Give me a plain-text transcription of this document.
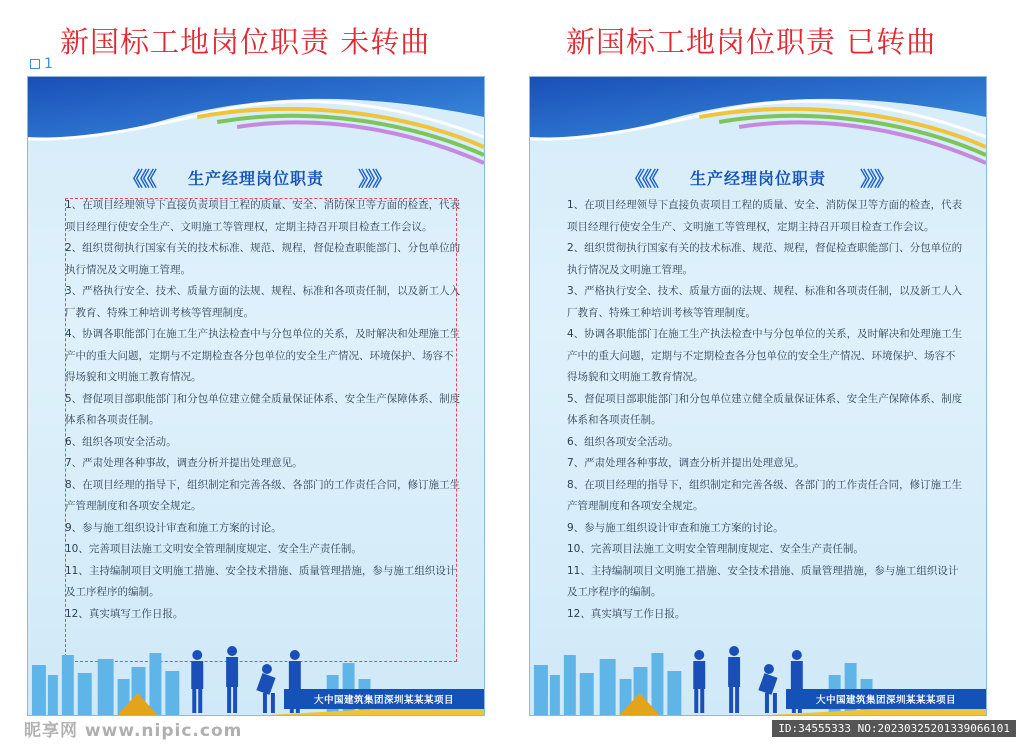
新国标工地岗位职责 未转曲	新国标工地岗位职责 已转曲
1
《《《 生产经理岗位职责 》》》

1、在项目经理领导下直接负责项目工程的质量、安全、消防保卫等方面的检查，代表项目经理行使安全生产、文明施工等管理权，定期主持召开项目检查工作会议。

2、组织贯彻执行国家有关的技术标准、规范、规程，督促检查职能部门、分包单位的执行情况及文明施工管理。

3、严格执行安全、技术、质量方面的法规、规程、标准和各项责任制，以及新工人入厂教育、特殊工种培训考核等管理制度。

4、协调各职能部门在施工生产执法检查中与分包单位的关系，及时解决和处理施工生产中的重大问题，定期与不定期检查各分包单位的安全生产情况、环境保护、场容不得场貌和文明施工教育情况。

5、督促项目部职能部门和分包单位建立健全质量保证体系、安全生产保障体系、制度体系和各项责任制。

6、组织各项安全活动。

7、严肃处理各种事故，调查分析并提出处理意见。

8、在项目经理的指导下，组织制定和完善各级、各部门的工作责任合同，修订施工生产管理制度和各项安全规定。

9、参与施工组织设计审查和施工方案的讨论。

10、完善项目法施工文明安全管理制度规定、安全生产责任制。

11、主持编制项目文明施工措施、安全技术措施、质量管理措施，参与施工组织设计及工序程序的编制。

12、真实填写工作日报。

大中国建筑集团深圳某某某项目
《《《 生产经理岗位职责 》》》

1、在项目经理领导下直接负责项目工程的质量、安全、消防保卫等方面的检查，代表项目经理行使安全生产、文明施工等管理权，定期主持召开项目检查工作会议。

2、组织贯彻执行国家有关的技术标准、规范、规程，督促检查职能部门、分包单位的执行情况及文明施工管理。

3、严格执行安全、技术、质量方面的法规、规程、标准和各项责任制，以及新工人入厂教育、特殊工种培训考核等管理制度。

4、协调各职能部门在施工生产执法检查中与分包单位的关系，及时解决和处理施工生产中的重大问题，定期与不定期检查各分包单位的安全生产情况、环境保护、场容不得场貌和文明施工教育情况。

5、督促项目部职能部门和分包单位建立健全质量保证体系、安全生产保障体系、制度体系和各项责任制。

6、组织各项安全活动。

7、严肃处理各种事故，调查分析并提出处理意见。

8、在项目经理的指导下，组织制定和完善各级、各部门的工作责任合同，修订施工生产管理制度和各项安全规定。

9、参与施工组织设计审查和施工方案的讨论。

10、完善项目法施工文明安全管理制度规定、安全生产责任制。

11、主持编制项目文明施工措施、安全技术措施、质量管理措施，参与施工组织设计及工序程序的编制。

12、真实填写工作日报。

大中国建筑集团深圳某某某项目
昵享网 www.nipic.com	ID:34555333 NO:20230325201339066101
